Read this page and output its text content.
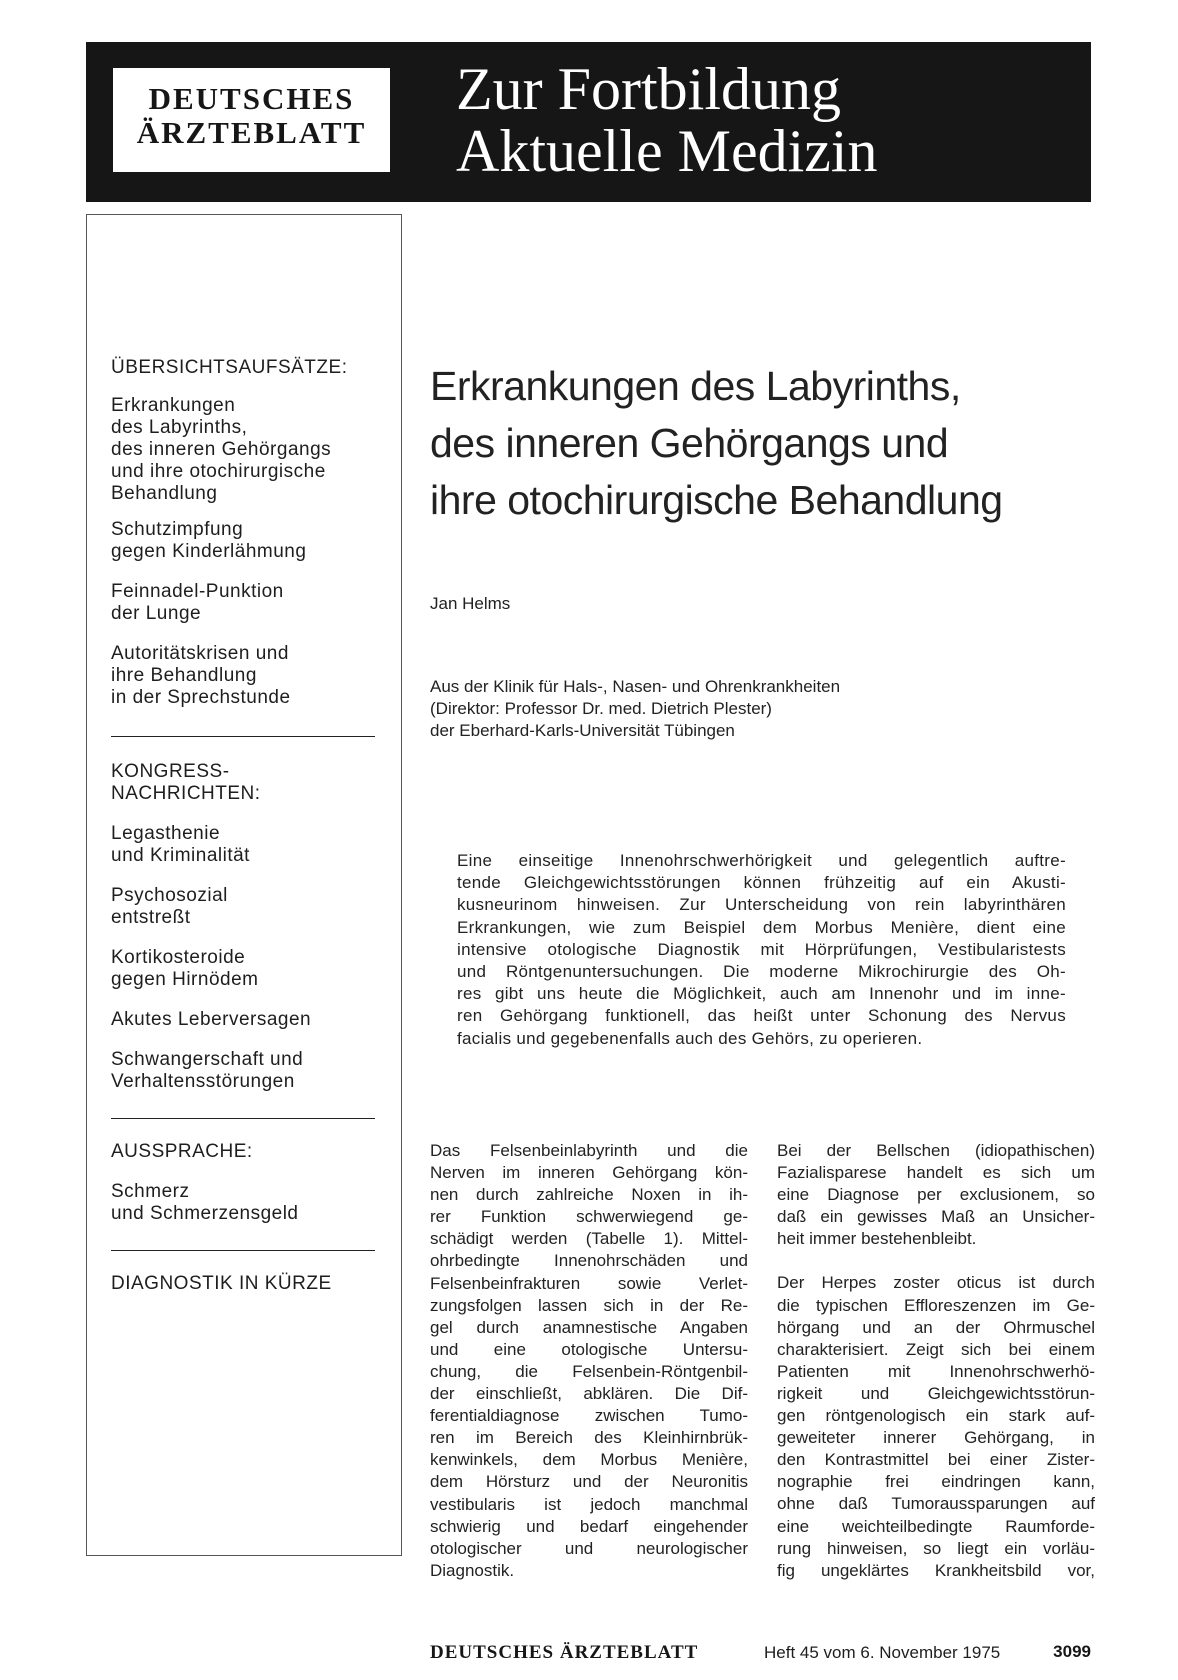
DEUTSCHES
ÄRZTEBLATT
Zur Fortbildung
Aktuelle Medizin
ÜBERSICHTSAUFSÄTZE:
Erkrankungen
des Labyrinths,
des inneren Gehörgangs
und ihre otochirurgische
Behandlung
Schutzimpfung
gegen Kinderlähmung
Feinnadel-Punktion
der Lunge
Autoritätskrisen und
ihre Behandlung
in der Sprechstunde
KONGRESS-
NACHRICHTEN:
Legasthenie
und Kriminalität
Psychosozial
entstreßt
Kortikosteroide
gegen Hirnödem
Akutes Leberversagen
Schwangerschaft und
Verhaltensstörungen
AUSSPRACHE:
Schmerz
und Schmerzensgeld
DIAGNOSTIK IN KÜRZE
Erkrankungen des Labyrinths,
des inneren Gehörgangs und
ihre otochirurgische Behandlung
Jan Helms
Aus der Klinik für Hals-, Nasen- und Ohrenkrankheiten
(Direktor: Professor Dr. med. Dietrich Plester)
der Eberhard-Karls-Universität Tübingen
Eine einseitige Innenohrschwerhörigkeit und gelegentlich auftre-
tende Gleichgewichtsstörungen können frühzeitig auf ein Akusti-
kusneurinom hinweisen. Zur Unterscheidung von rein labyrinthären
Erkrankungen, wie zum Beispiel dem Morbus Menière, dient eine
intensive otologische Diagnostik mit Hörprüfungen, Vestibularistests
und Röntgenuntersuchungen. Die moderne Mikrochirurgie des Oh-
res gibt uns heute die Möglichkeit, auch am Innenohr und im inne-
ren Gehörgang funktionell, das heißt unter Schonung des Nervus
facialis und gegebenenfalls auch des Gehörs, zu operieren.
Das Felsenbeinlabyrinth und die
Nerven im inneren Gehörgang kön-
nen durch zahlreiche Noxen in ih-
rer Funktion schwerwiegend ge-
schädigt werden (Tabelle 1). Mittel-
ohrbedingte Innenohrschäden und
Felsenbeinfrakturen sowie Verlet-
zungsfolgen lassen sich in der Re-
gel durch anamnestische Angaben
und eine otologische Untersu-
chung, die Felsenbein-Röntgenbil-
der einschließt, abklären. Die Dif-
ferentialdiagnose zwischen Tumo-
ren im Bereich des Kleinhirnbrük-
kenwinkels, dem Morbus Menière,
dem Hörsturz und der Neuronitis
vestibularis ist jedoch manchmal
schwierig und bedarf eingehender
otologischer und neurologischer
Diagnostik.
Bei der Bellschen (idiopathischen)
Fazialisparese handelt es sich um
eine Diagnose per exclusionem, so
daß ein gewisses Maß an Unsicher-
heit immer bestehenbleibt.
Der Herpes zoster oticus ist durch
die typischen Effloreszenzen im Ge-
hörgang und an der Ohrmuschel
charakterisiert. Zeigt sich bei einem
Patienten mit Innenohrschwerhö-
rigkeit und Gleichgewichtsstörun-
gen röntgenologisch ein stark auf-
geweiteter innerer Gehörgang, in
den Kontrastmittel bei einer Zister-
nographie frei eindringen kann,
ohne daß Tumoraussparungen auf
eine weichteilbedingte Raumforde-
rung hinweisen, so liegt ein vorläu-
fig ungeklärtes Krankheitsbild vor,
DEUTSCHES ÄRZTEBLATT	Heft 45 vom 6. November 1975	3099
